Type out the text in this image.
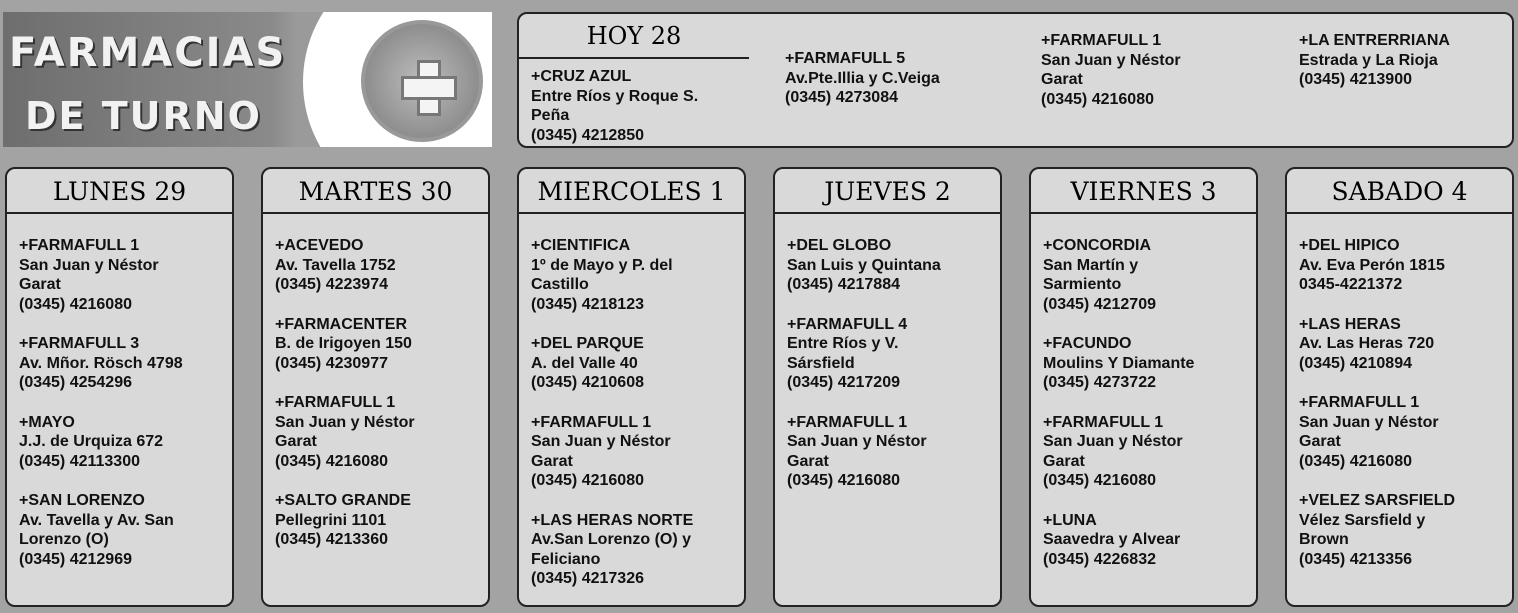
FARMACIAS
DE TURNO
HOY 28
+CRUZ AZUL
Entre Ríos y Roque S.
Peña
(0345) 4212850
+FARMAFULL 5
Av.Pte.Illia y C.Veiga
(0345) 4273084
+FARMAFULL 1
San Juan y Néstor
Garat
(0345) 4216080
+LA ENTRERRIANA
Estrada y La Rioja
(0345) 4213900
LUNES 29
+FARMAFULL 1
San Juan y Néstor
Garat
(0345) 4216080
+FARMAFULL 3
Av. Mñor. Rösch 4798
(0345) 4254296
+MAYO
J.J. de Urquiza 672
(0345) 42113300
+SAN LORENZO
Av. Tavella y Av. San
Lorenzo (O)
(0345) 4212969
MARTES 30
+ACEVEDO
Av. Tavella 1752
(0345) 4223974
+FARMACENTER
B. de Irigoyen 150
(0345) 4230977
+FARMAFULL 1
San Juan y Néstor
Garat
(0345) 4216080
+SALTO GRANDE
Pellegrini 1101
(0345) 4213360
MIERCOLES 1
+CIENTIFICA
1º de Mayo y P. del
Castillo
(0345) 4218123
+DEL PARQUE
A. del Valle 40
(0345) 4210608
+FARMAFULL 1
San Juan y Néstor
Garat
(0345) 4216080
+LAS HERAS NORTE
Av.San Lorenzo (O) y
Feliciano
(0345) 4217326
JUEVES 2
+DEL GLOBO
San Luis y Quintana
(0345) 4217884
+FARMAFULL 4
Entre Ríos y V.
Sársfield
(0345) 4217209
+FARMAFULL 1
San Juan y Néstor
Garat
(0345) 4216080
VIERNES 3
+CONCORDIA
San Martín y
Sarmiento
(0345) 4212709
+FACUNDO
Moulins Y Diamante
(0345) 4273722
+FARMAFULL 1
San Juan y Néstor
Garat
(0345) 4216080
+LUNA
Saavedra y Alvear
(0345) 4226832
SABADO 4
+DEL HIPICO
Av. Eva Perón 1815
0345-4221372
+LAS HERAS
Av. Las Heras 720
(0345) 4210894
+FARMAFULL 1
San Juan y Néstor
Garat
(0345) 4216080
+VELEZ SARSFIELD
Vélez Sarsfield y
Brown
(0345) 4213356
